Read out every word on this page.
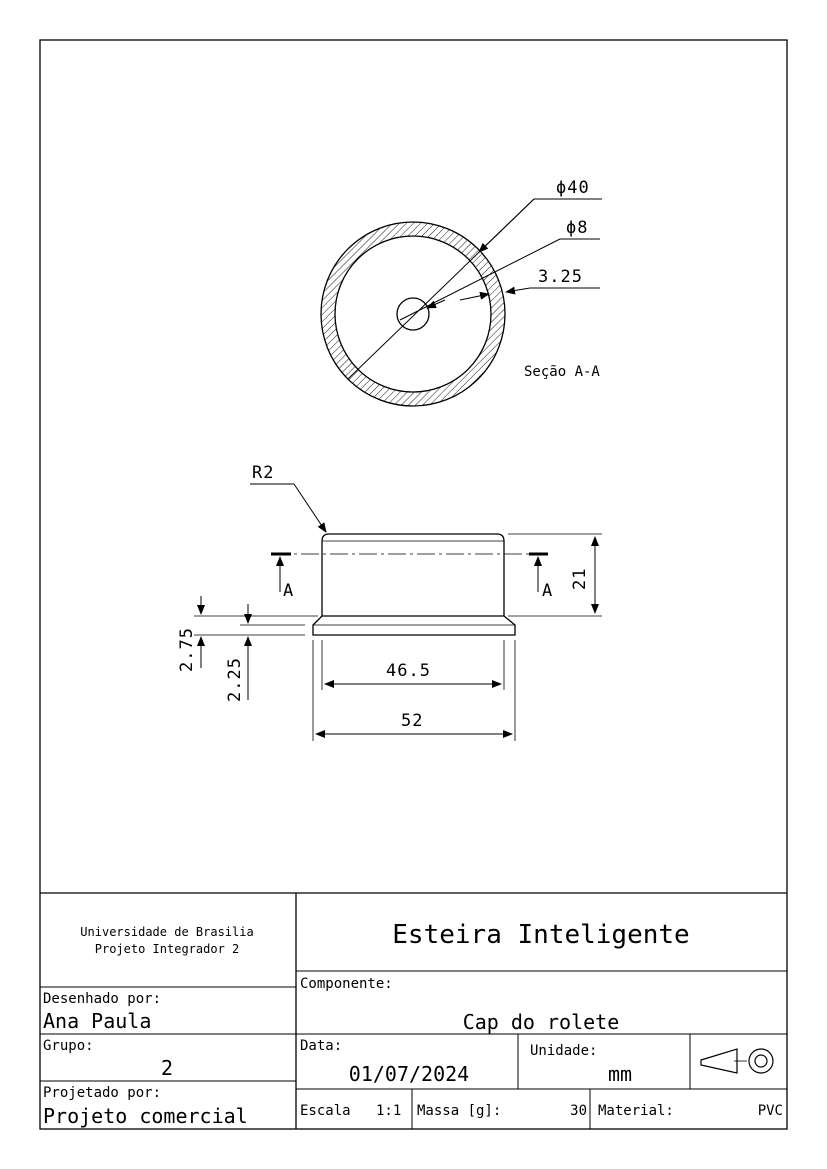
ϕ40
ϕ8
3.25
Seção A-A
A	A
R2
21
2.75
2.25	46.5
52
Universidade de Brasilia
Projeto Integrador 2	Esteira Inteligente
Desenhado por:
Ana Paula
Componente:
Cap do rolete
Grupo:
2
Projetado por:
Projeto comercial
Data:
01/07/2024
Unidade:
mm
Escala 1:1 Massa [g]:	30 Material:	PVC
